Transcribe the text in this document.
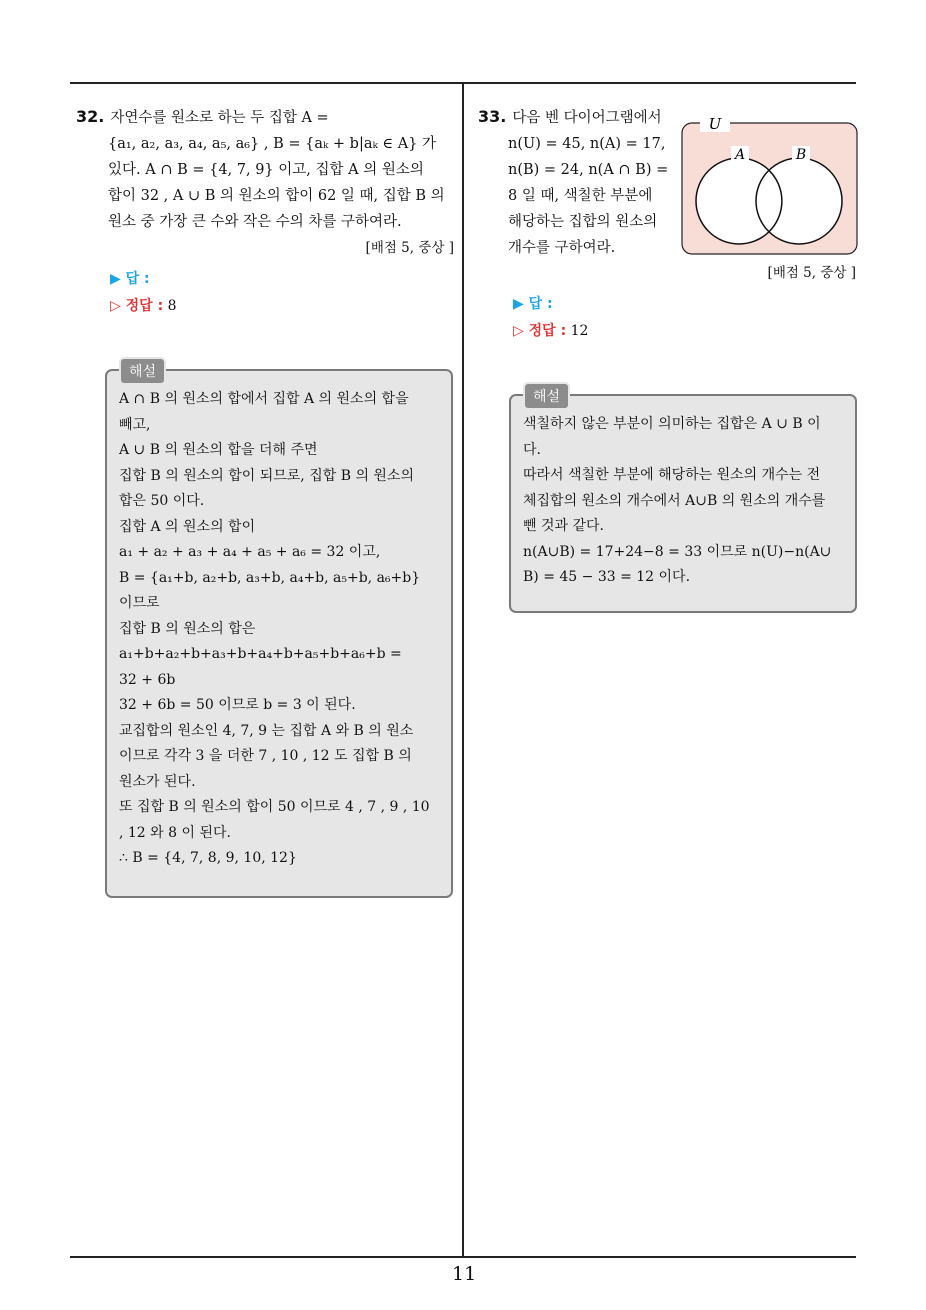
32. 자연수를 원소로 하는 두 집합 A =
{a₁, a₂, a₃, a₄, a₅, a₆} , B = {aₖ + b|aₖ ∈ A} 가
있다. A ∩ B = {4, 7, 9} 이고, 집합 A 의 원소의
합이 32 , A ∪ B 의 원소의 합이 62 일 때, 집합 B 의
원소 중 가장 큰 수와 작은 수의 차를 구하여라.
[배점 5, 중상 ]
▶ 답 :
▷ 정답 : 8
A ∩ B 의 원소의 합에서 집합 A 의 원소의 합을
빼고,
A ∪ B 의 원소의 합을 더해 주면
집합 B 의 원소의 합이 되므로, 집합 B 의 원소의
합은 50 이다.
집합 A 의 원소의 합이
a₁ + a₂ + a₃ + a₄ + a₅ + a₆ = 32 이고,
B = {a₁+b, a₂+b, a₃+b, a₄+b, a₅+b, a₆+b}
이므로
집합 B 의 원소의 합은
a₁+b+a₂+b+a₃+b+a₄+b+a₅+b+a₆+b =
32 + 6b
32 + 6b = 50 이므로 b = 3 이 된다.
교집합의 원소인 4, 7, 9 는 집합 A 와 B 의 원소
이므로 각각 3 을 더한 7 , 10 , 12 도 집합 B 의
원소가 된다.
또 집합 B 의 원소의 합이 50 이므로 4 , 7 , 9 , 10
, 12 와 8 이 된다.
∴ B = {4, 7, 8, 9, 10, 12}
해설
33. 다음 벤 다이어그램에서
n(U) = 45, n(A) = 17,
n(B) = 24, n(A ∩ B) =
8 일 때, 색칠한 부분에
해당하는 집합의 원소의
개수를 구하여라.
U
A	B
[배점 5, 중상 ]
▶ 답 :
▷ 정답 : 12
색칠하지 않은 부분이 의미하는 집합은 A ∪ B 이
다.
따라서 색칠한 부분에 해당하는 원소의 개수는 전
체집합의 원소의 개수에서 A∪B 의 원소의 개수를
뺀 것과 같다.
n(A∪B) = 17+24−8 = 33 이므로 n(U)−n(A∪
B) = 45 − 33 = 12 이다.
해설
11
